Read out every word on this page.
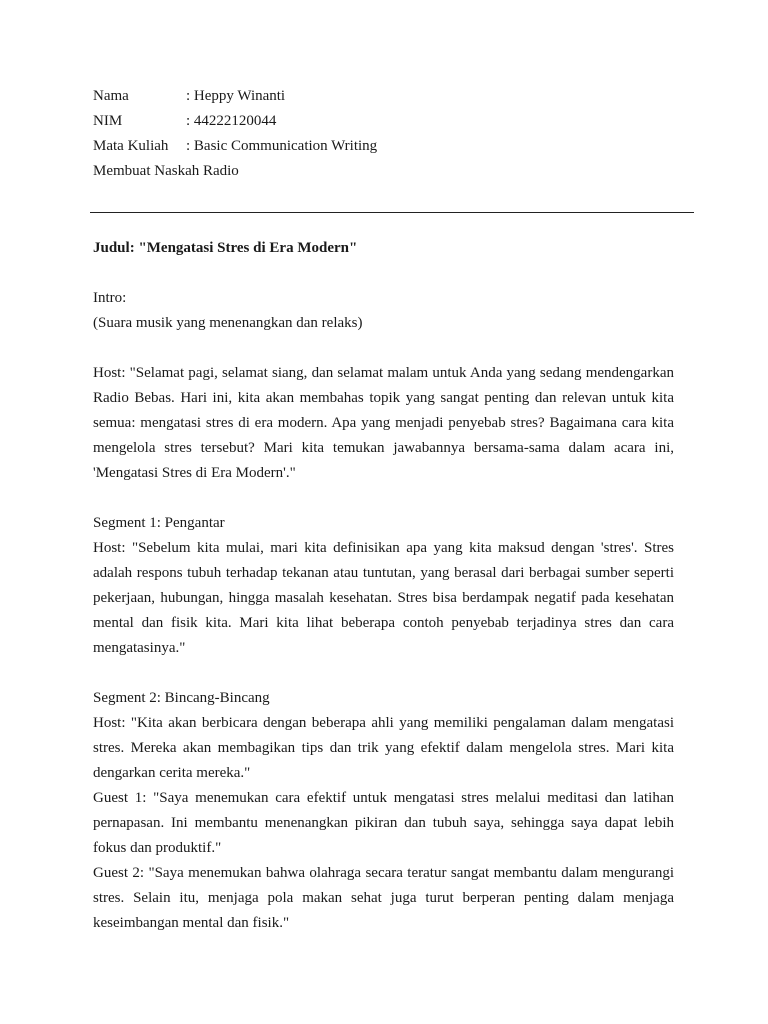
Nama	: Heppy Winanti
NIM	: 44222120044
Mata Kuliah	: Basic Communication Writing
Membuat Naskah Radio

Judul: "Mengatasi Stres di Era Modern"

Intro:

(Suara musik yang menenangkan dan relaks)

Host: "Selamat pagi, selamat siang, dan selamat malam untuk Anda yang sedang mendengarkan Radio Bebas. Hari ini, kita akan membahas topik yang sangat penting dan relevan untuk kita semua: mengatasi stres di era modern. Apa yang menjadi penyebab stres? Bagaimana cara kita mengelola stres tersebut? Mari kita temukan jawabannya bersama-sama dalam acara ini, 'Mengatasi Stres di Era Modern'."

Segment 1: Pengantar

Host: "Sebelum kita mulai, mari kita definisikan apa yang kita maksud dengan 'stres'. Stres adalah respons tubuh terhadap tekanan atau tuntutan, yang berasal dari berbagai sumber seperti pekerjaan, hubungan, hingga masalah kesehatan. Stres bisa berdampak negatif pada kesehatan mental dan fisik kita. Mari kita lihat beberapa contoh penyebab terjadinya stres dan cara mengatasinya."

Segment 2: Bincang-Bincang

Host: "Kita akan berbicara dengan beberapa ahli yang memiliki pengalaman dalam mengatasi stres. Mereka akan membagikan tips dan trik yang efektif dalam mengelola stres. Mari kita dengarkan cerita mereka."

Guest 1: "Saya menemukan cara efektif untuk mengatasi stres melalui meditasi dan latihan pernapasan. Ini membantu menenangkan pikiran dan tubuh saya, sehingga saya dapat lebih fokus dan produktif."

Guest 2: "Saya menemukan bahwa olahraga secara teratur sangat membantu dalam mengurangi stres. Selain itu, menjaga pola makan sehat juga turut berperan penting dalam menjaga keseimbangan mental dan fisik."
